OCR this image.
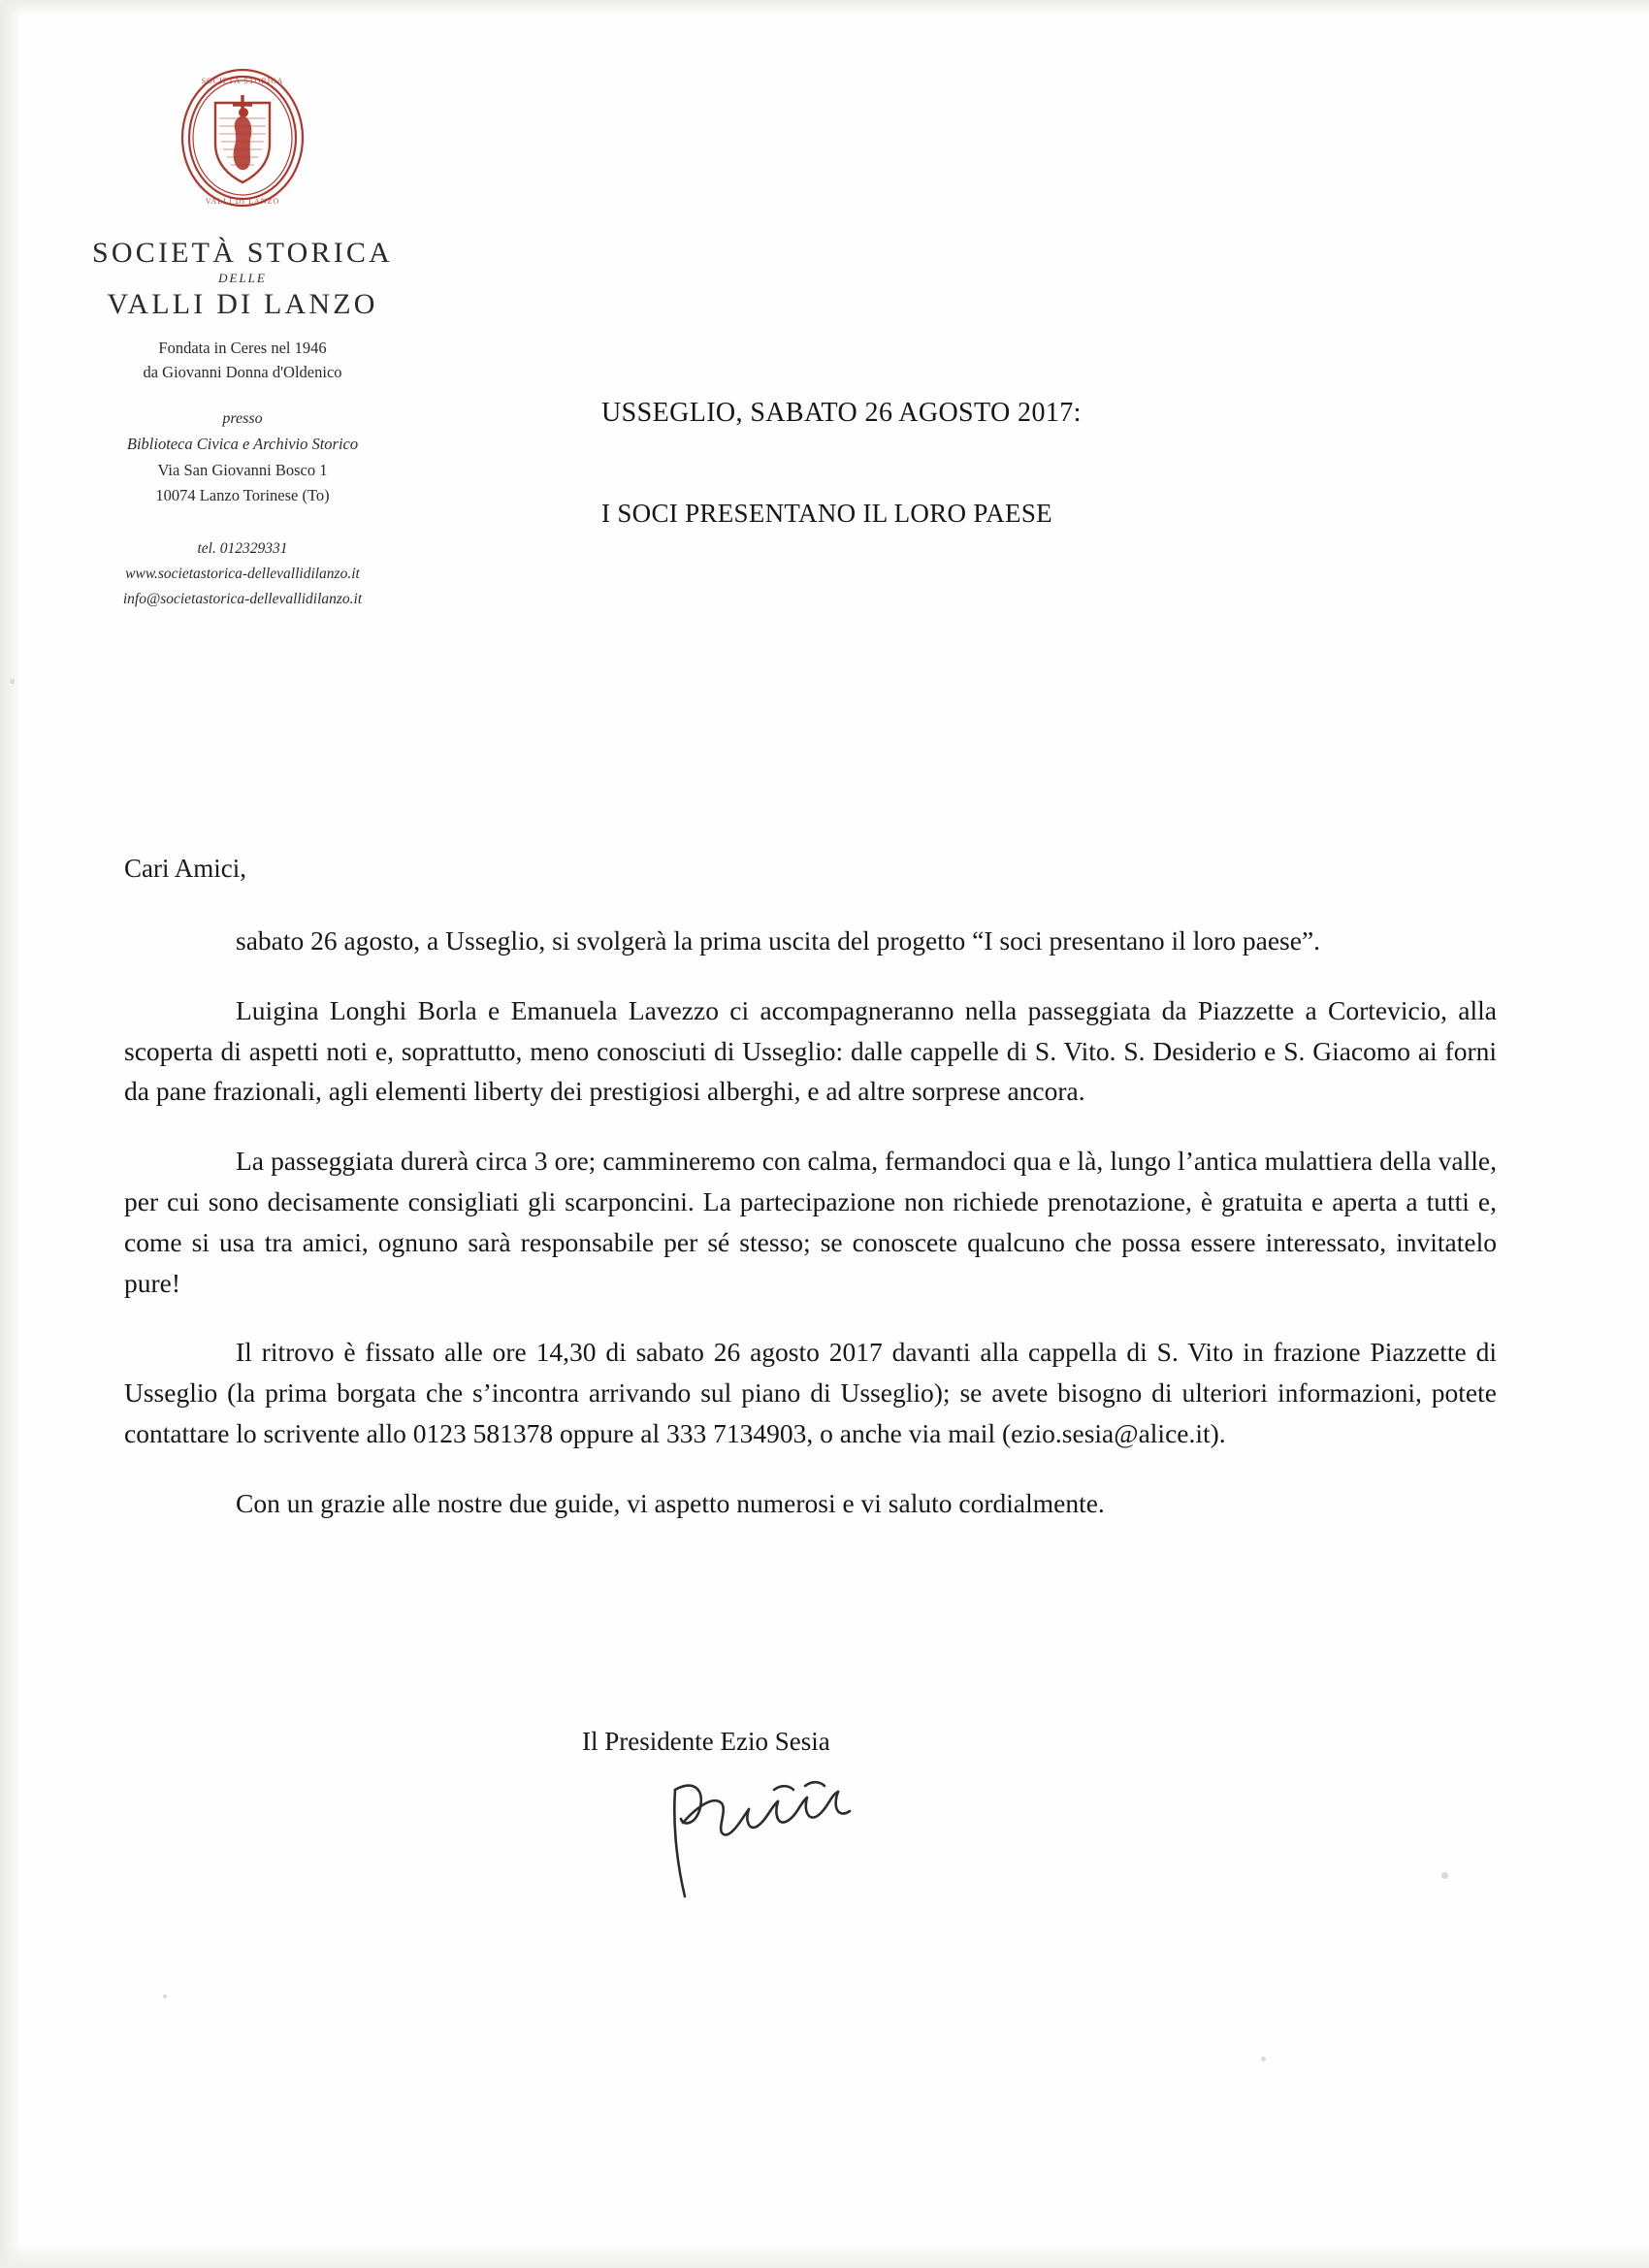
SOCIETÀ STORICA
VALLI DI LANZO
SOCIETÀ STORICA
DELLE
VALLI DI LANZO
Fondata in Ceres nel 1946
da Giovanni Donna d'Oldenico
presso
Biblioteca Civica e Archivio Storico
Via San Giovanni Bosco 1
10074 Lanzo Torinese (To)
tel. 012329331
www.societastorica-dellevallidilanzo.it
info@societastorica-dellevallidilanzo.it
USSEGLIO, SABATO 26 AGOSTO 2017:
I SOCI PRESENTANO IL LORO PAESE
Cari Amici,

sabato 26 agosto, a Usseglio, si svolgerà la prima uscita del progetto “I soci presentano il loro paese”.

Luigina Longhi Borla e Emanuela Lavezzo ci accompagneranno nella passeggiata da Piazzette a Cortevicio, alla scoperta di aspetti noti e, soprattutto, meno conosciuti di Usseglio: dalle cappelle di S. Vito. S. Desiderio e S. Giacomo ai forni da pane frazionali, agli elementi liberty dei prestigiosi alberghi, e ad altre sorprese ancora.

La passeggiata durerà circa 3 ore; cammineremo con calma, fermandoci qua e là, lungo l’antica mulattiera della valle, per cui sono decisamente consigliati gli scarponcini. La partecipazione non richiede prenotazione, è gratuita e aperta a tutti e, come si usa tra amici, ognuno sarà responsabile per sé stesso; se conoscete qualcuno che possa essere interessato, invitatelo pure!

Il ritrovo è fissato alle ore 14,30 di sabato 26 agosto 2017 davanti alla cappella di S. Vito in frazione Piazzette di Usseglio (la prima borgata che s’incontra arrivando sul piano di Usseglio); se avete bisogno di ulteriori informazioni, potete contattare lo scrivente allo 0123 581378 oppure al 333 7134903, o anche via mail (ezio.sesia@alice.it).

Con un grazie alle nostre due guide, vi aspetto numerosi e vi saluto cordialmente.

Il Presidente Ezio Sesia
